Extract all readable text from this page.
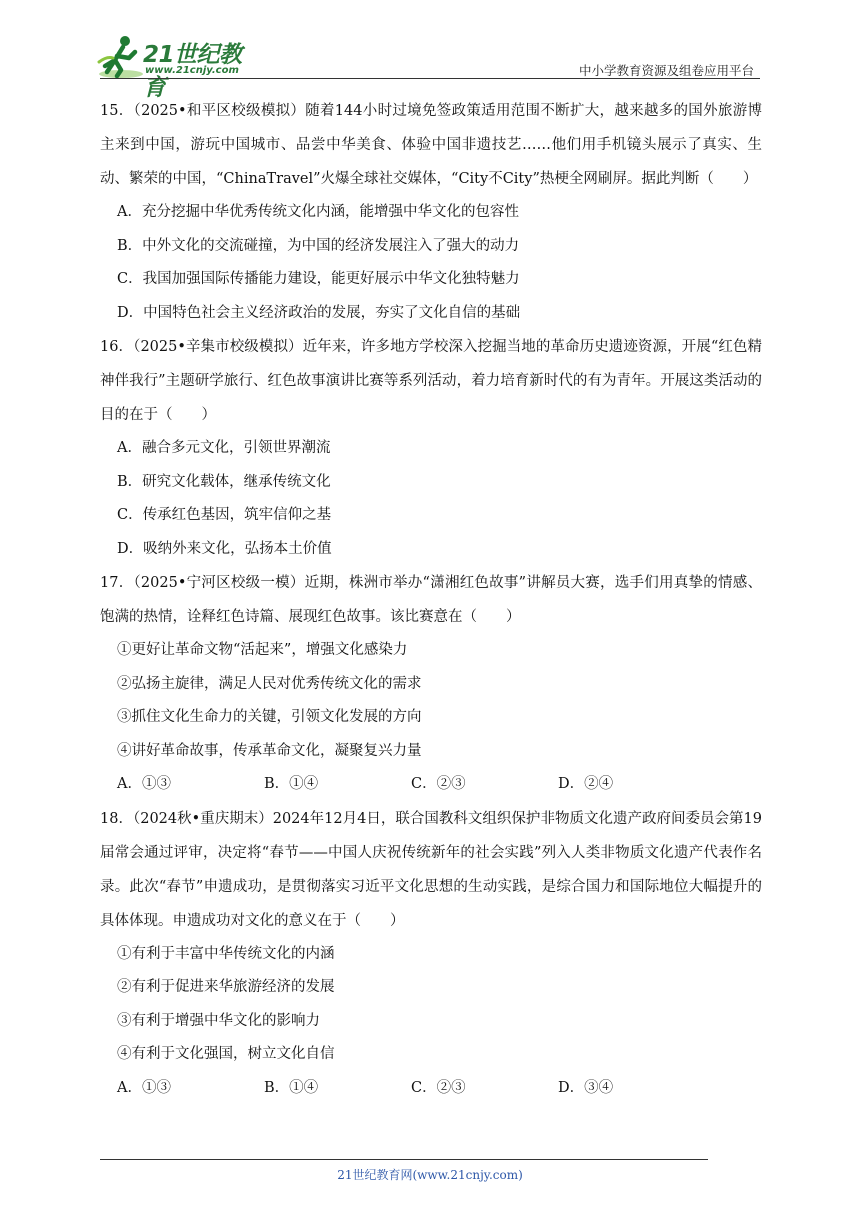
21世纪教育
www.21cnjy.com	中小学教育资源及组卷应用平台
15．（2025•和平区校级模拟）随着144小时过境免签政策适用范围不断扩大，越来越多的国外旅游博主来到中国，游玩中国城市、品尝中华美食、体验中国非遗技艺……他们用手机镜头展示了真实、生动、繁荣的中国，“ChinaTravel”火爆全球社交媒体，“City不City”热梗全网刷屏。据此判断（　　）
A．充分挖掘中华优秀传统文化内涵，能增强中华文化的包容性
B．中外文化的交流碰撞，为中国的经济发展注入了强大的动力
C．我国加强国际传播能力建设，能更好展示中华文化独特魅力
D．中国特色社会主义经济政治的发展，夯实了文化自信的基础
16．（2025•辛集市校级模拟）近年来，许多地方学校深入挖掘当地的革命历史遗迹资源，开展“红色精神伴我行”主题研学旅行、红色故事演讲比赛等系列活动，着力培育新时代的有为青年。开展这类活动的目的在于（　　）
A．融合多元文化，引领世界潮流
B．研究文化载体，继承传统文化
C．传承红色基因，筑牢信仰之基
D．吸纳外来文化，弘扬本土价值
17．（2025•宁河区校级一模）近期，株洲市举办“潇湘红色故事”讲解员大赛，选手们用真挚的情感、饱满的热情，诠释红色诗篇、展现红色故事。该比赛意在（　　）
①更好让革命文物“活起来”，增强文化感染力
②弘扬主旋律，满足人民对优秀传统文化的需求
③抓住文化生命力的关键，引领文化发展的方向
④讲好革命故事，传承革命文化，凝聚复兴力量
A．①③	B．①④	C．②③	D．②④
18．（2024秋•重庆期末）2024年12月4日，联合国教科文组织保护非物质文化遗产政府间委员会第19届常会通过评审，决定将“春节——中国人庆祝传统新年的社会实践”列入人类非物质文化遗产代表作名录。此次“春节”申遗成功，是贯彻落实习近平文化思想的生动实践，是综合国力和国际地位大幅提升的具体体现。申遗成功对文化的意义在于（　　）
①有利于丰富中华传统文化的内涵
②有利于促进来华旅游经济的发展
③有利于增强中华文化的影响力
④有利于文化强国，树立文化自信
A．①③	B．①④	C．②③	D．③④
21世纪教育网(www.21cnjy.com)
